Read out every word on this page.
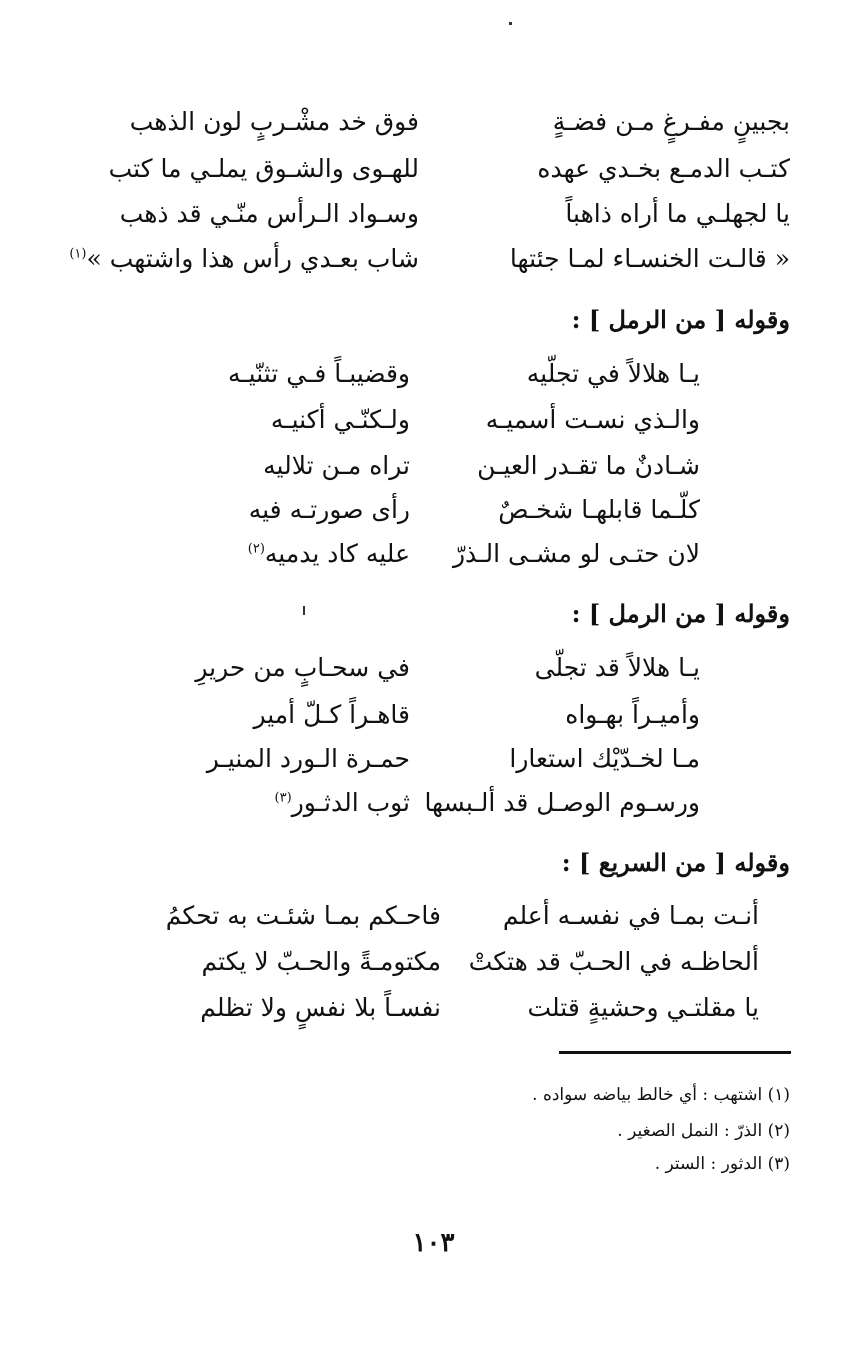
بجبينٍ مفـرغٍ مـن فضـةٍ
فوق خد مشْـربٍ لون الذهب
كتـب الدمـع بخـدي عهده
للهـوى والشـوق يملـي ما كتب
يا لجهلـي ما أراه ذاهباً
وسـواد الـرأس منّـي قد ذهب
« قالـت الخنسـاء لمـا جئتها
شاب بعـدي رأس هذا واشتهب »$^{(١)}$
وقوله [ من الرمل ] :
يـا هلالاً في تجلّيه
وقضيبـاً فـي تثنّيـه
والـذي نسـت أسميـه
ولـكنّـي أكنيـه
شـادنٌ ما تقـدر العيـن
تراه مـن تلاليه
كلّـما قابلهـا شخـصٌ
رأى صورتـه فيه
لان حتـى لو مشـى الـذرّ
عليه كاد يدميه$^{(٢)}$
وقوله [ من الرمل ] :
يـا هلالاً قد تجلّى
في سحـابٍ من حريرِ
وأميـراً بهـواه
قاهـراً كـلّ أمير
مـا لخـدّيْك استعارا
حمـرة الـورد المنيـر
ورسـوم الوصـل قد ألـبسها
ثوب الدثـور$^{(٣)}$
وقوله [ من السريع ] :
أنـت بمـا في نفسـه أعلم
فاحـكم بمـا شئـت به تحكمُ
ألحاظـه في الحـبّ قد هتكتْ
مكتومـةً والحـبّ لا يكتم
يا مقلتـي وحشيةٍ قتلت
نفسـاً بلا نفسٍ ولا تظلم
(١) اشتهب : أي خالط بياضه سواده .
(٢) الذرّ : النمل الصغير .
(٣) الدثور : الستر .
١٠٣
